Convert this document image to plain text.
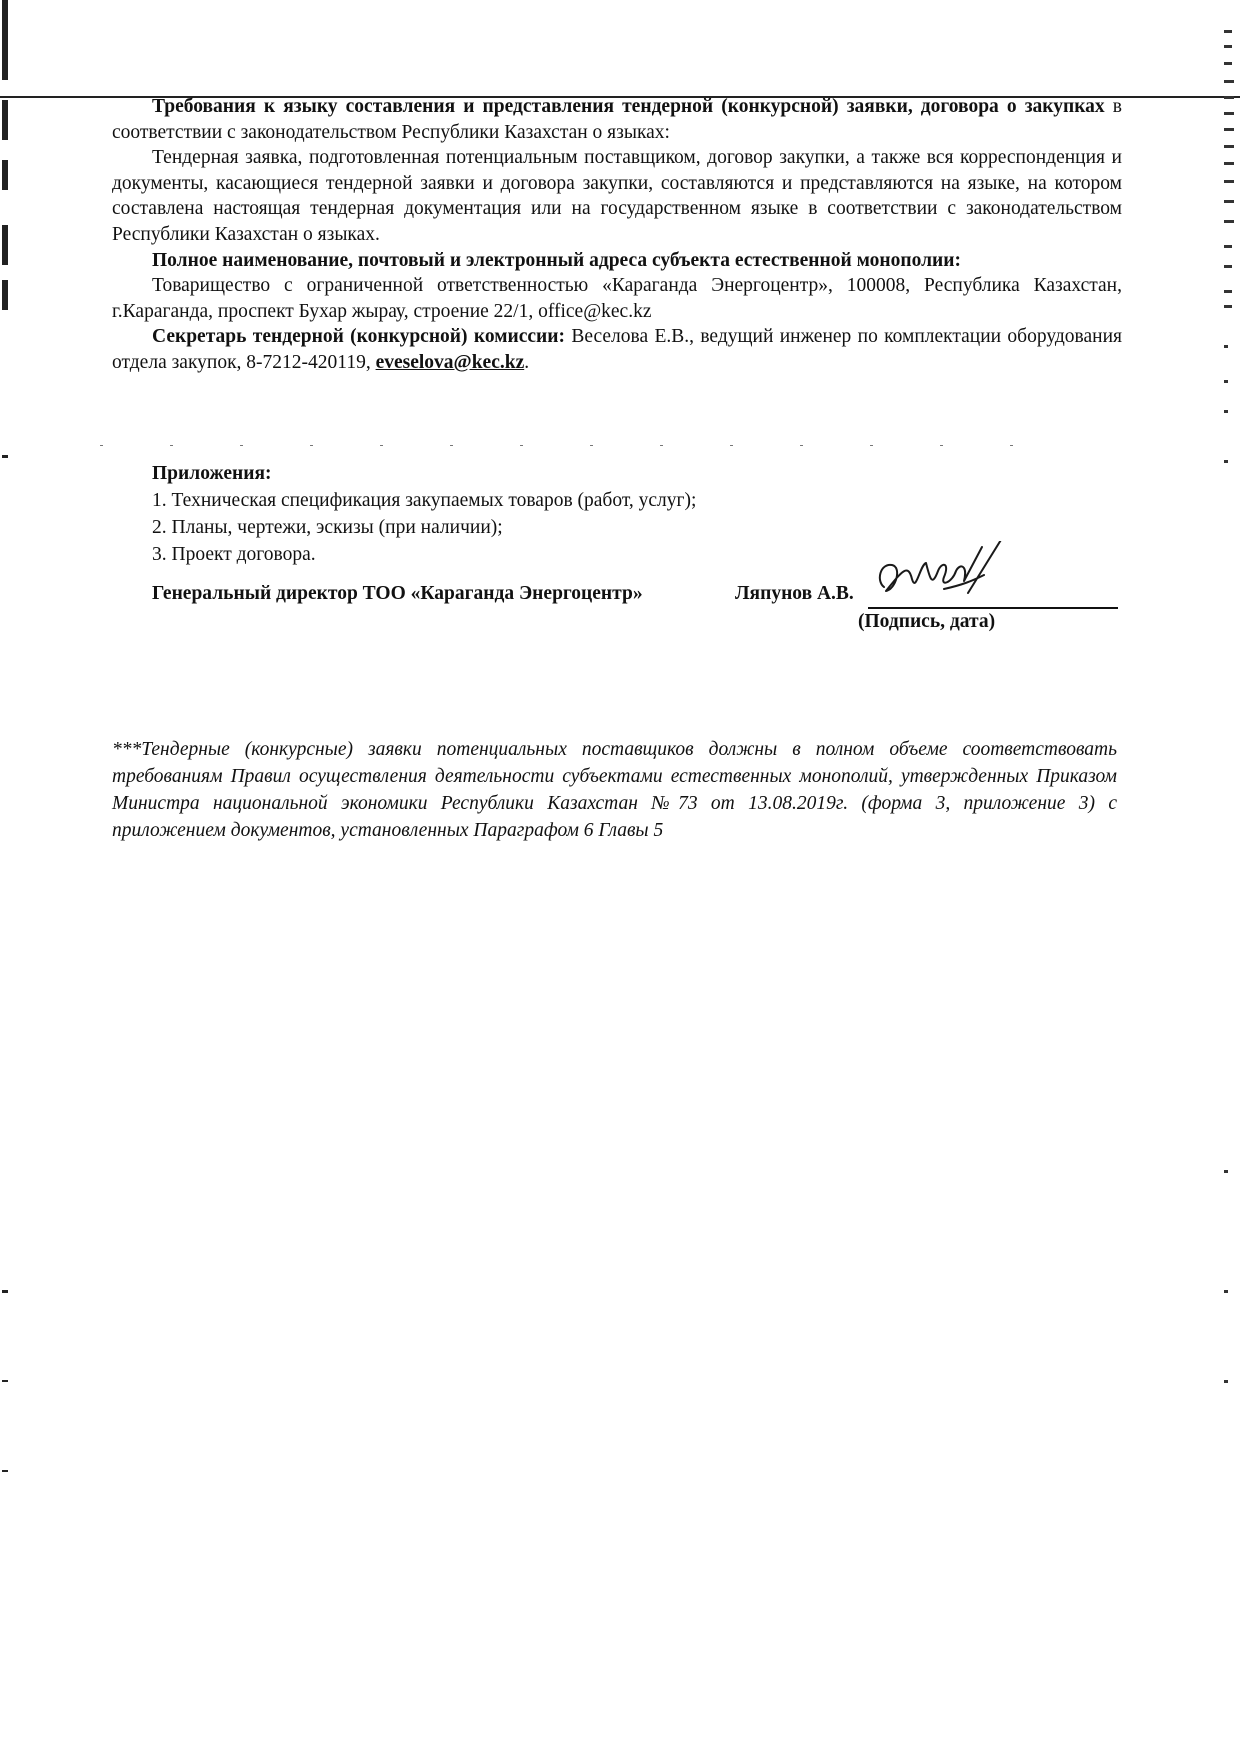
Требования к языку составления и представления тендерной (конкурсной) заявки, договора о закупках в соответствии с законодательством Республики Казахстан о языках:

Тендерная заявка, подготовленная потенциальным поставщиком, договор закупки, а также вся корреспонденция и документы, касающиеся тендерной заявки и договора закупки, составляются и представляются на языке, на котором составлена настоящая тендерная документация или на государственном языке в соответствии с законодательством Республики Казахстан о языках.

Полное наименование, почтовый и электронный адреса субъекта естественной монополии:

Товарищество с ограниченной ответственностью «Караганда Энергоцентр», 100008, Республика Казахстан, г.Караганда, проспект Бухар жырау, строение 22/1, office@kec.kz

Секретарь тендерной (конкурсной) комиссии: Веселова Е.В., ведущий инженер по комплектации оборудования отдела закупок, 8-7212-420119, eveselova@kec.kz.

Приложения:
1. Техническая спецификация закупаемых товаров (работ, услуг);
2. Планы, чертежи, эскизы (при наличии);
3. Проект договора.
Генеральный директор ТОО «Караганда Энергоцентр»	Ляпунов А.В.
(Подпись, дата)
***Тендерные (конкурсные) заявки потенциальных поставщиков должны в полном объеме соответствовать требованиям Правил осуществления деятельности субъектами естественных монополий, утвержденных Приказом Министра национальной экономики Республики Казахстан №73 от 13.08.2019г. (форма 3, приложение 3) с приложением документов, установленных Параграфом 6 Главы 5
